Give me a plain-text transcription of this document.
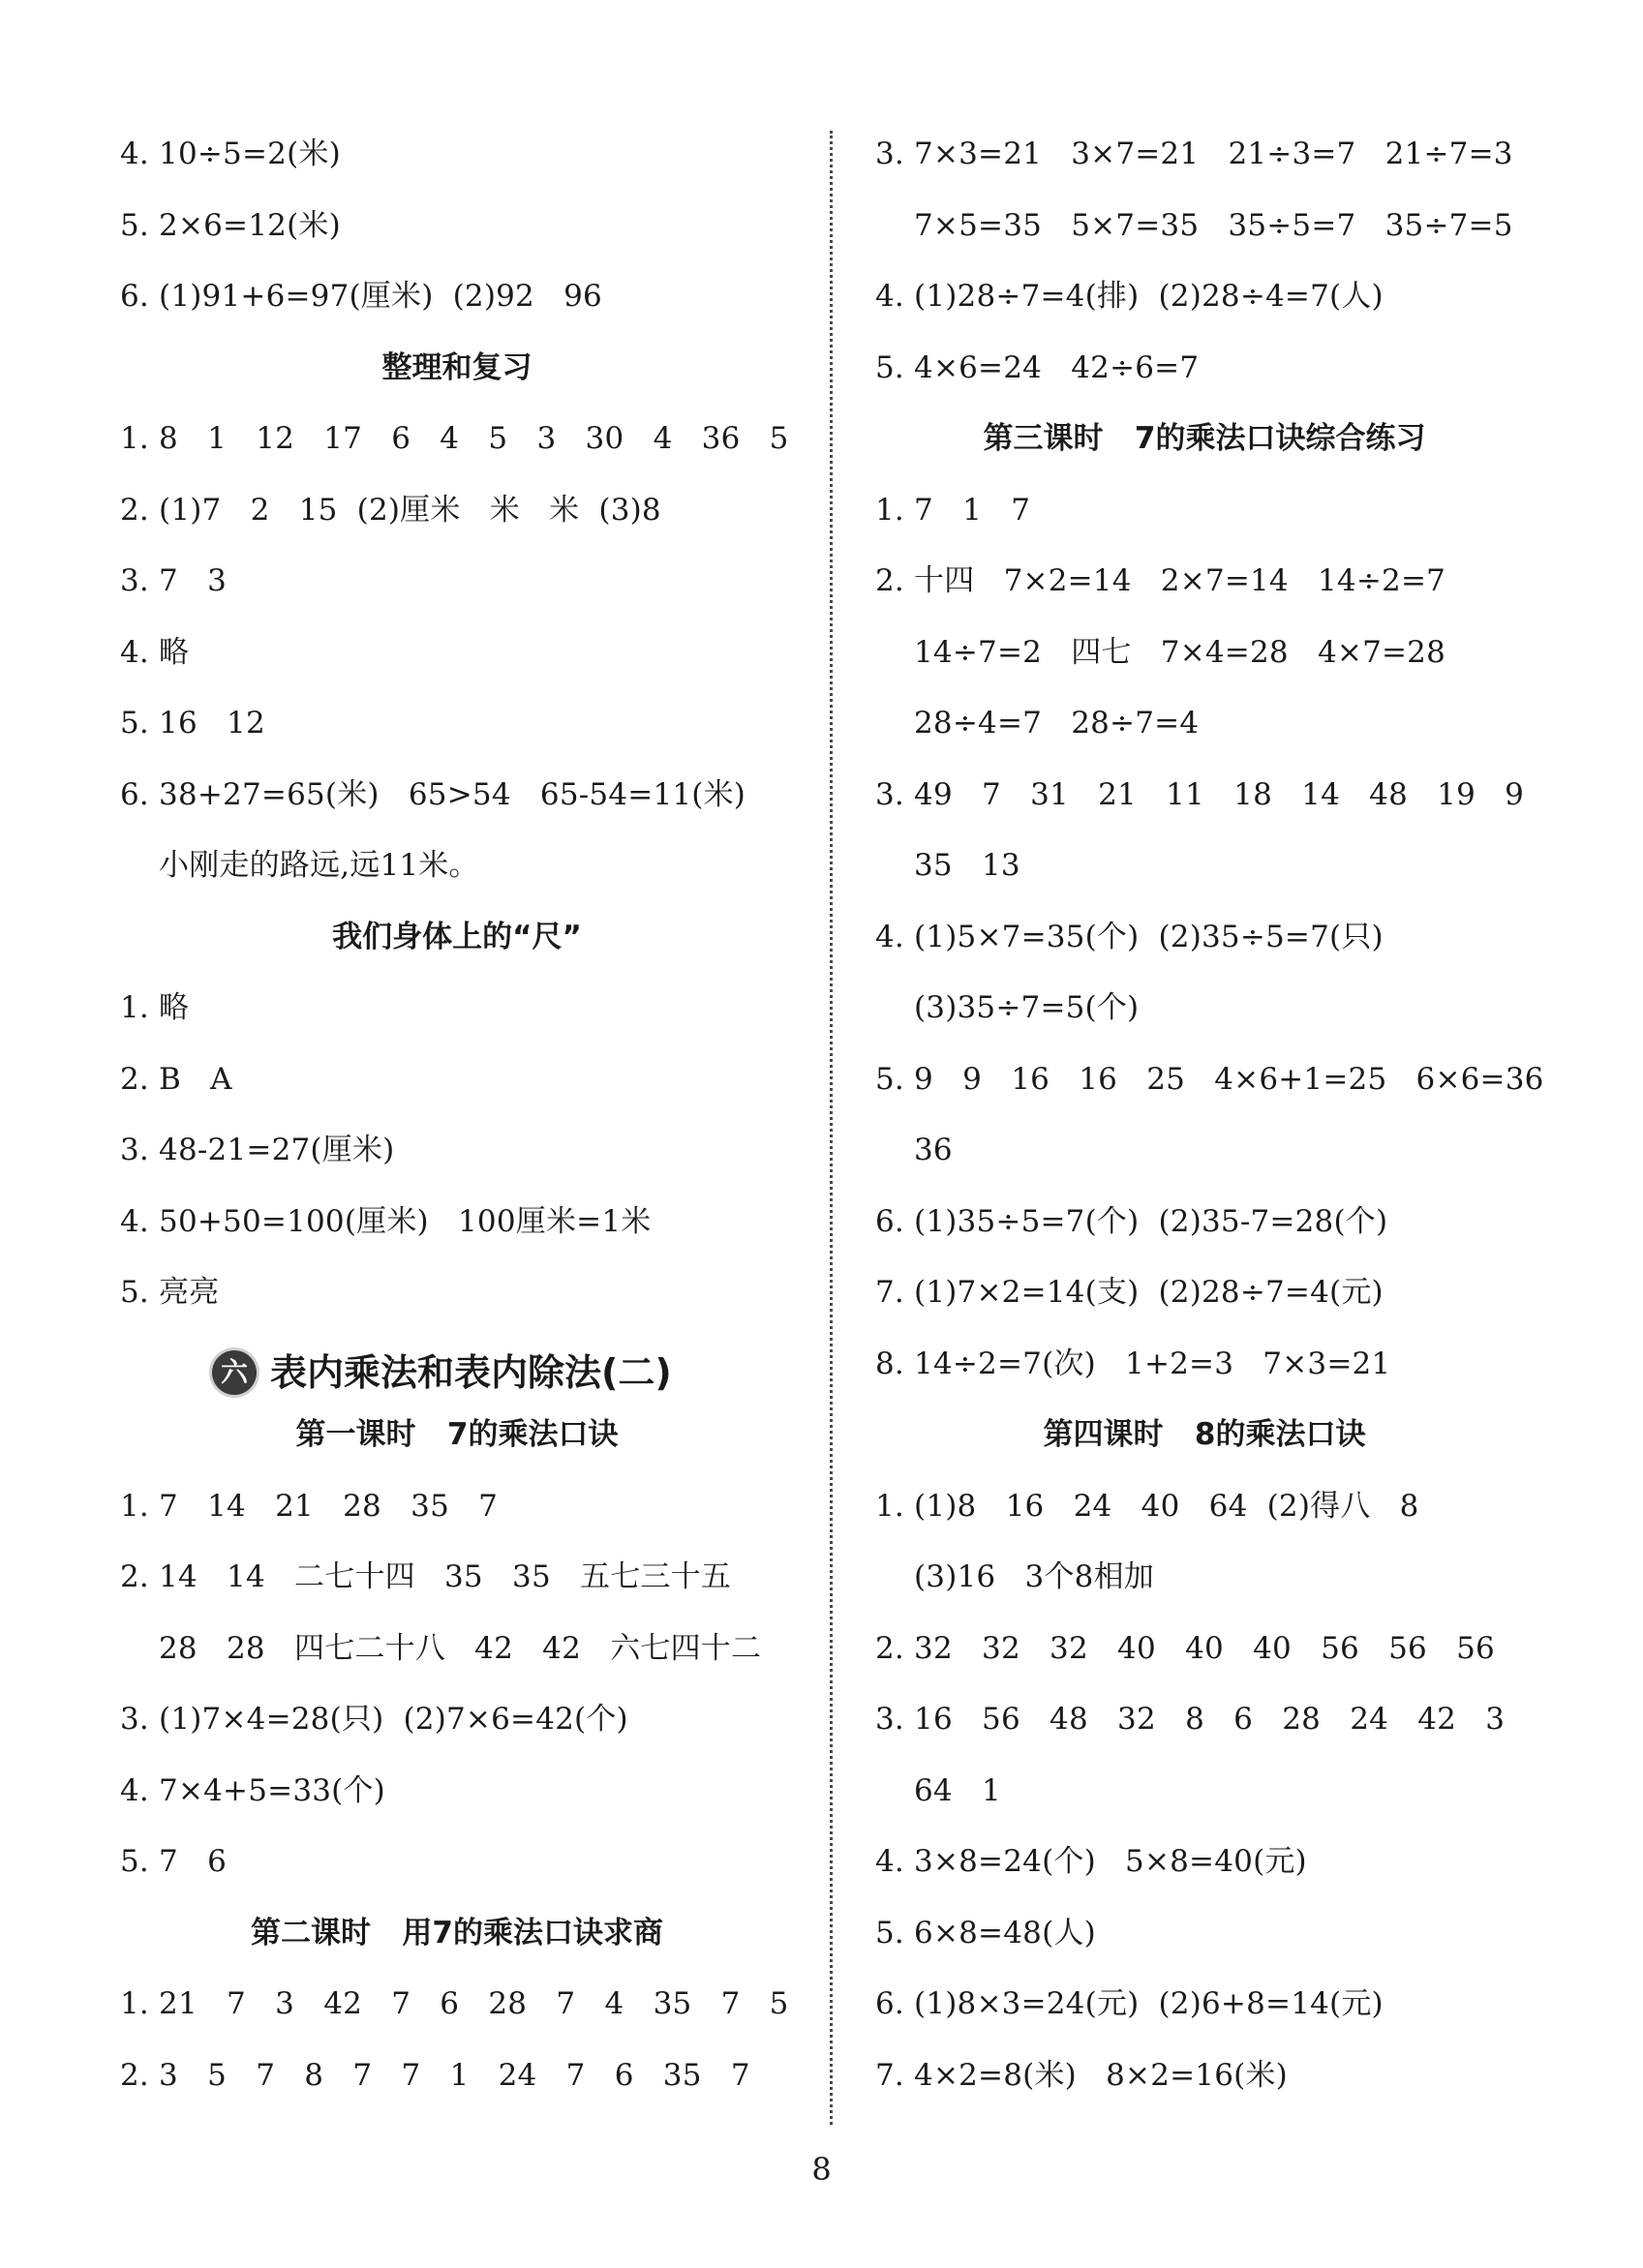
4. 10÷5=2(米)
5. 2×6=12(米)
6. (1)91+6=97(厘米)  (2)92   96
整理和复习
1. 8   1   12   17   6   4   5   3   30   4   36   5
2. (1)7   2   15  (2)厘米   米   米  (3)8
3. 7   3
4. 略
5. 16   12
6. 38+27=65(米)   65>54   65-54=11(米)
小刚走的路远,远11米。
我们身体上的“尺”
1. 略
2. B   A
3. 48-21=27(厘米)
4. 50+50=100(厘米)   100厘米=1米
5. 亮亮
六 表内乘法和表内除法(二)
第一课时   7的乘法口诀
1. 7   14   21   28   35   7
2. 14   14   二七十四   35   35   五七三十五
28   28   四七二十八   42   42   六七四十二
3. (1)7×4=28(只)  (2)7×6=42(个)
4. 7×4+5=33(个)
5. 7   6
第二课时   用7的乘法口诀求商
1. 21   7   3   42   7   6   28   7   4   35   7   5
2. 3   5   7   8   7   7   1   24   7   6   35   7
3. 7×3=21   3×7=21   21÷3=7   21÷7=3
7×5=35   5×7=35   35÷5=7   35÷7=5
4. (1)28÷7=4(排)  (2)28÷4=7(人)
5. 4×6=24   42÷6=7
第三课时   7的乘法口诀综合练习
1. 7   1   7
2. 十四   7×2=14   2×7=14   14÷2=7
14÷7=2   四七   7×4=28   4×7=28
28÷4=7   28÷7=4
3. 49   7   31   21   11   18   14   48   19   9
35   13
4. (1)5×7=35(个)  (2)35÷5=7(只)
(3)35÷7=5(个)
5. 9   9   16   16   25   4×6+1=25   6×6=36
36
6. (1)35÷5=7(个)  (2)35-7=28(个)
7. (1)7×2=14(支)  (2)28÷7=4(元)
8. 14÷2=7(次)   1+2=3   7×3=21
第四课时   8的乘法口诀
1. (1)8   16   24   40   64  (2)得八   8
(3)16   3个8相加
2. 32   32   32   40   40   40   56   56   56
3. 16   56   48   32   8   6   28   24   42   3
64   1
4. 3×8=24(个)   5×8=40(元)
5. 6×8=48(人)
6. (1)8×3=24(元)  (2)6+8=14(元)
7. 4×2=8(米)   8×2=16(米)
8
